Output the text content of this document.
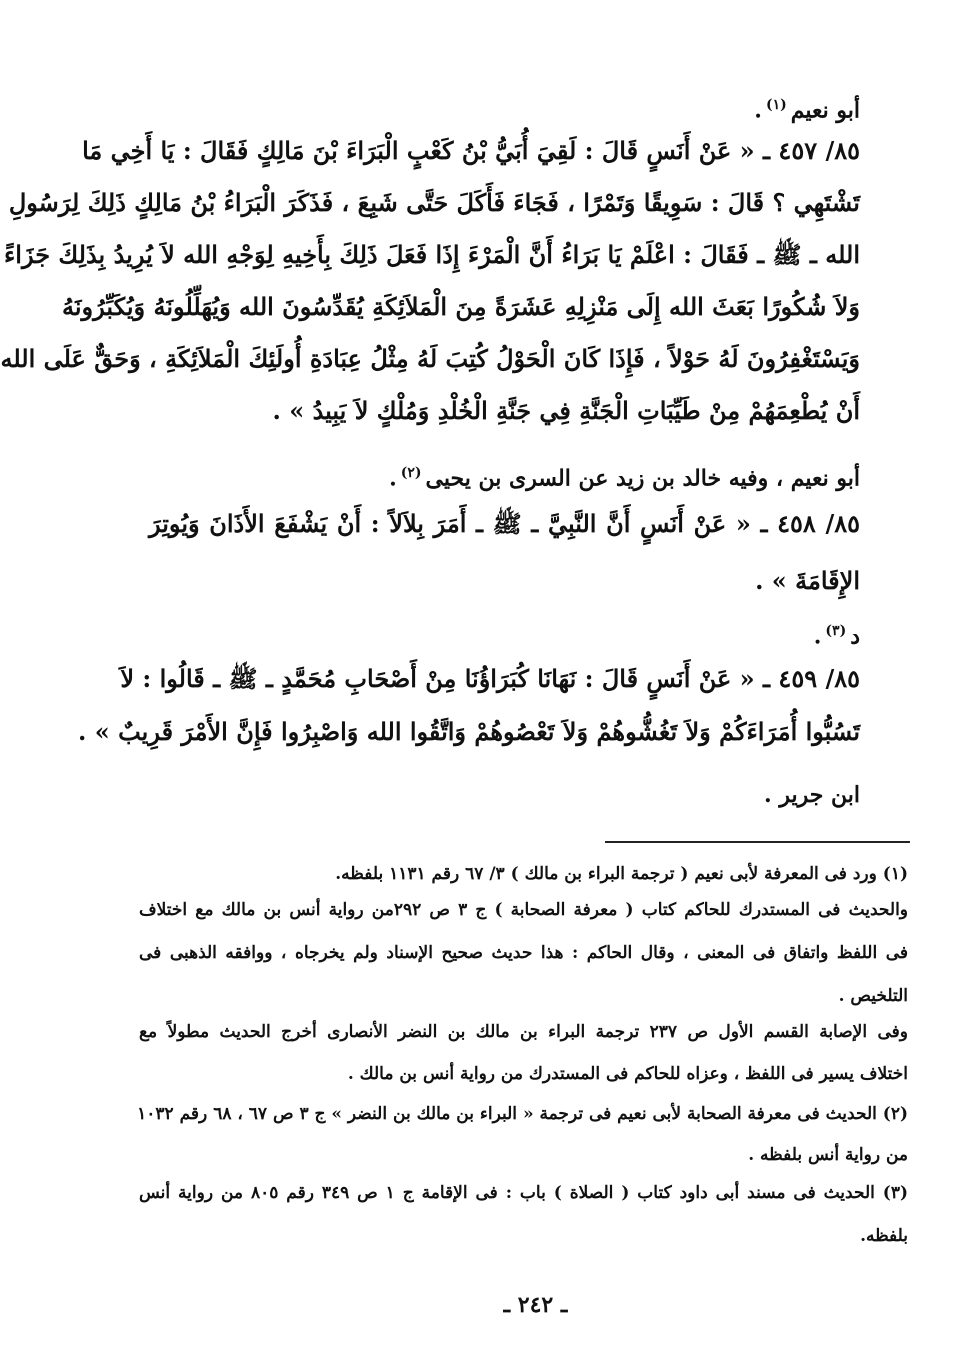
أبو نعيم$^{(١)}$.
٨٥/ ٤٥٧ ـ « عَنْ أَنَسٍ قَالَ : لَقِيَ أُبَيُّ بْنُ كَعْبٍ الْبَرَاءَ بْنَ مَالِكٍ فَقَالَ : يَا أَخِي مَا
تَشْتَهِي ؟ قَالَ : سَوِيقًا وَتَمْرًا ، فَجَاءَ فَأَكَلَ حَتَّى شَبِعَ ، فَذَكَرَ الْبَرَاءُ بْنُ مَالِكٍ ذَلِكَ لِرَسُولِ
الله ـ ﷺ ـ فَقَالَ : اعْلَمْ يَا بَرَاءُ أَنَّ الْمَرْءَ إِذَا فَعَلَ ذَلِكَ بِأَخِيهِ لِوَجْهِ الله لاَ يُرِيدُ بِذَلِكَ جَزَاءً
وَلاَ شُكُورًا بَعَثَ الله إِلَى مَنْزِلِهِ عَشَرَةً مِنَ الْمَلاَئِكَةِ يُقَدِّسُونَ الله وَيُهَلِّلُونَهُ وَيُكَبِّرُونَهُ
وَيَسْتَغْفِرُونَ لَهُ حَوْلاً ، فَإِذَا كَانَ الْحَوْلُ كُتِبَ لَهُ مِثْلُ عِبَادَةِ أُولَئِكَ الْمَلاَئِكَةِ ، وَحَقٌّ عَلَى الله
أَنْ يُطْعِمَهُمْ مِنْ طَيِّبَاتِ الْجَنَّةِ فِي جَنَّةِ الْخُلْدِ وَمُلْكٍ لاَ يَبِيدُ » .
أبو نعيم ، وفيه خالد بن زيد عن السرى بن يحيى$^{(٢)}$.
٨٥/ ٤٥٨ ـ « عَنْ أَنَسٍ أَنَّ النَّبِيَّ ـ ﷺ ـ أَمَرَ بِلاَلاً : أَنْ يَشْفَعَ الأَذَانَ وَيُوتِرَ
الإِقَامَةَ » .
د$^{(٣)}$.
٨٥/ ٤٥٩ ـ « عَنْ أَنَسٍ قَالَ : نَهَانَا كُبَرَاؤُنَا مِنْ أَصْحَابِ مُحَمَّدٍ ـ ﷺ ـ قَالُوا : لاَ
تَسُبُّوا أُمَرَاءَكُمْ وَلاَ تَغُشُّوهُمْ وَلاَ تَعْصُوهُمْ وَاتَّقُوا الله وَاصْبِرُوا فَإِنَّ الأَمْرَ قَرِيبٌ » .
ابن جرير .
(١) ورد فى المعرفة لأبى نعيم ( ترجمة البراء بن مالك ) ٣/ ٦٧ رقم ١١٣١ بلفظه.
والحديث فى المستدرك للحاكم كتاب ( معرفة الصحابة ) ج ٣ ص ٢٩٢من رواية أنس بن مالك مع اختلاف
فى اللفظ واتفاق فى المعنى ، وقال الحاكم : هذا حديث صحيح الإسناد ولم يخرجاه ، ووافقه الذهبى فى
التلخيص .
وفى الإصابة القسم الأول ص ٢٣٧ ترجمة البراء بن مالك بن النضر الأنصارى أخرج الحديث مطولاً مع
اختلاف يسير فى اللفظ ، وعزاه للحاكم فى المستدرك من رواية أنس بن مالك .
(٢) الحديث فى معرفة الصحابة لأبى نعيم فى ترجمة « البراء بن مالك بن النضر » ج ٣ ص ٦٧ ، ٦٨ رقم ١٠٣٢
من رواية أنس بلفظه .
(٣) الحديث فى مسند أبى داود كتاب ( الصلاة ) باب : فى الإقامة ج ١ ص ٣٤٩ رقم ٨٠٥ من رواية أنس
بلفظه.
ـ ٢٤٢ ـ
